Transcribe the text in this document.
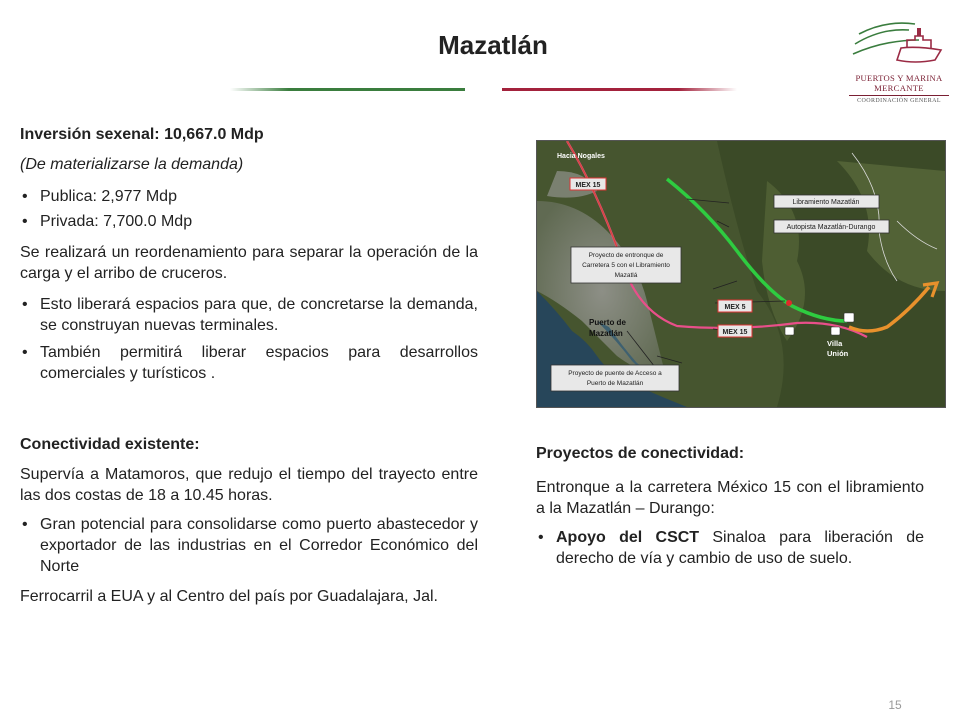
Mazatlán
PUERTOS Y MARINA
MERCANTE
COORDINACIÓN GENERAL

Inversión sexenal: 10,667.0 Mdp

(De materializarse la demanda)

• Publica: 2,977 Mdp

• Privada: 7,700.0 Mdp

Se realizará un reordenamiento para separar la operación de la carga y el arribo de cruceros.

• Esto liberará espacios para que, de concretarse la demanda, se construyan nuevas terminales.

• También permitirá liberar espacios para desarrollos comerciales y turísticos .

Conectividad existente:

Supervía a Matamoros, que redujo el tiempo del trayecto entre las dos costas de 18 a 10.45 horas.

• Gran potencial para consolidarse como puerto abastecedor y exportador de las industrias en el Corredor Económico del Norte

Ferrocarril a EUA y al Centro del país por Guadalajara, Jal.

Hacia Nogales
MEX 15
Libramiento Mazatlán
Autopista Mazatlán-Durango
Proyecto de entronque de
Carretera 5 con el Libramiento
Mazatlá
MEX 5
MEX 15
Puerto de
Mazatlán
Villa
Unión
Proyecto de puente de Acceso a
Puerto de Mazatlán

Proyectos de conectividad:

Entronque a la carretera México 15 con el libramiento a la Mazatlán – Durango:

• Apoyo del CSCT Sinaloa para liberación de derecho de vía y cambio de uso de suelo.

15
